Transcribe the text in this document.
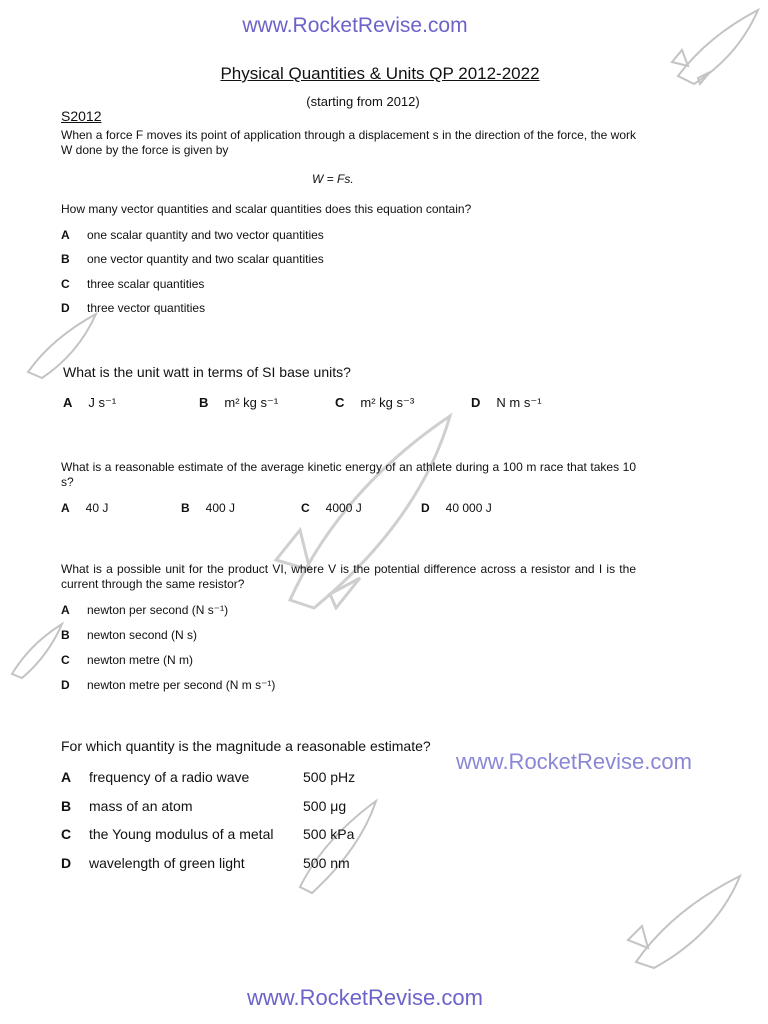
www.RocketRevise.com
Physical Quantities & Units QP 2012-2022
(starting from 2012)
S2012
When a force F moves its point of application through a displacement s in the direction of the force, the work W done by the force is given by
W = Fs.
How many vector quantities and scalar quantities does this equation contain?
A one scalar quantity and two vector quantities
B one vector quantity and two scalar quantities
C three scalar quantities
D three vector quantities
What is the unit watt in terms of SI base units?
A J s⁻¹	B m² kg s⁻¹	C m² kg s⁻³	D N m s⁻¹
What is a reasonable estimate of the average kinetic energy of an athlete during a 100 m race that takes 10 s?
A 40 J	B 400 J	C 4000 J	D 40 000 J
What is a possible unit for the product VI, where V is the potential difference across a resistor and I is the current through the same resistor?
A newton per second (N s⁻¹)
B newton second (N s)
C newton metre (N m)
D newton metre per second (N m s⁻¹)
For which quantity is the magnitude a reasonable estimate?
www.RocketRevise.com
A frequency of a radio wave	500 pHz
B mass of an atom	500 μg
C the Young modulus of a metal 500 kPa
D wavelength of green light	500 nm
www.RocketRevise.com
